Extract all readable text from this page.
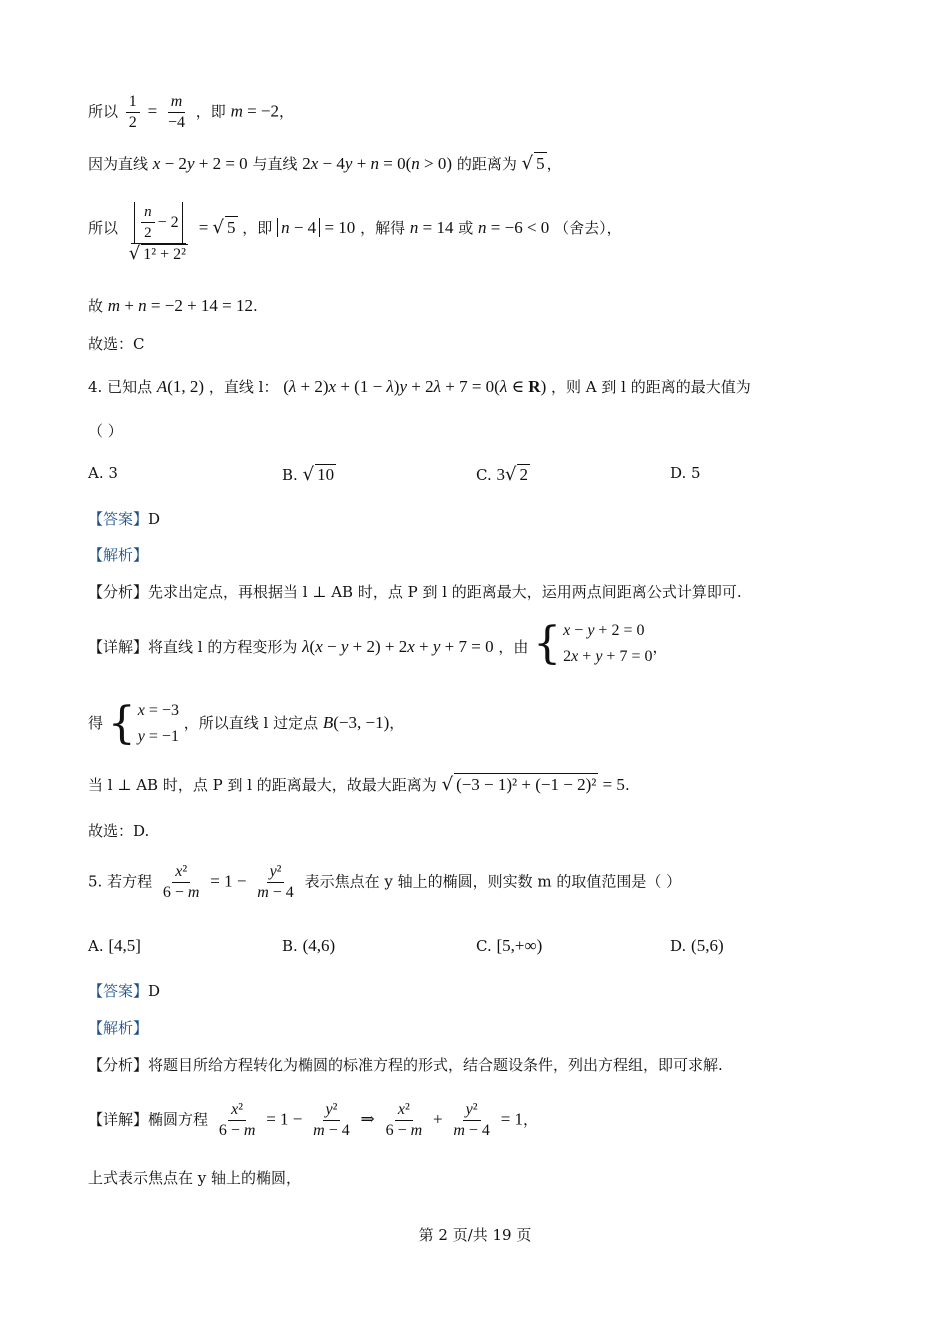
所以 $\frac{1}{2} = \frac{m}{-4}$ ，即 m = −2，
因为直线 x − 2y + 2 = 0 与直线 2x − 4y + n = 0(n > 0) 的距离为 √ 5 ，
所以 $\frac{\frac{n}{2} - 2}{\text{√ 1² + 2²}}$ = √ 5 ，即 n − 4 = 10 ，解得 n = 14 或 n = −6 < 0 （舍去），
故 m + n = −2 + 14 = 12.
故选：C
4. 已知点 A(1, 2) ，直线 l： (λ + 2)x + (1 − λ)y + 2λ + 7 = 0(λ ∈ R) ，则 A 到 l 的距离的最大值为
（ ）
A. 3	B. √ 10	C. 3√ 2	D. 5
【答案】D
【解析】
【分析】先求出定点，再根据当 l ⊥ AB 时，点 P 到 l 的距离最大，运用两点间距离公式计算即可.
【详解】将直线 l 的方程变形为 λ(x − y + 2) + 2x + y + 7 = 0 ，由 { x − y + 2 = 0
2x + y + 7 = 0
，
得 { x = −3
y = −1
，所以直线 l 过定点 B(−3, −1)，
当 l ⊥ AB 时，点 P 到 l 的距离最大，故最大距离为 √ (−3 − 1)² + (−1 − 2)² = 5.
故选：D.
5. 若方程 $\frac{\text{x²}}{6 - m} = 1 - \frac{\text{y²}}{m - 4}$ 表示焦点在 y 轴上的椭圆，则实数 m 的取值范围是（ ）
A. [4,5]	B. (4,6)	C. [5,+∞)	D. (5,6)
【答案】D
【解析】
【分析】将题目所给方程转化为椭圆的标准方程的形式，结合题设条件，列出方程组，即可求解.
【详解】椭圆方程 $\frac{\text{x²}}{6 - m} = 1 - \frac{\text{y²}}{m - 4}$ ⇒ $\frac{\text{x²}}{6 - m} + \frac{\text{y²}}{m - 4} = 1$，
上式表示焦点在 y 轴上的椭圆，
第 2 页/共 19 页
